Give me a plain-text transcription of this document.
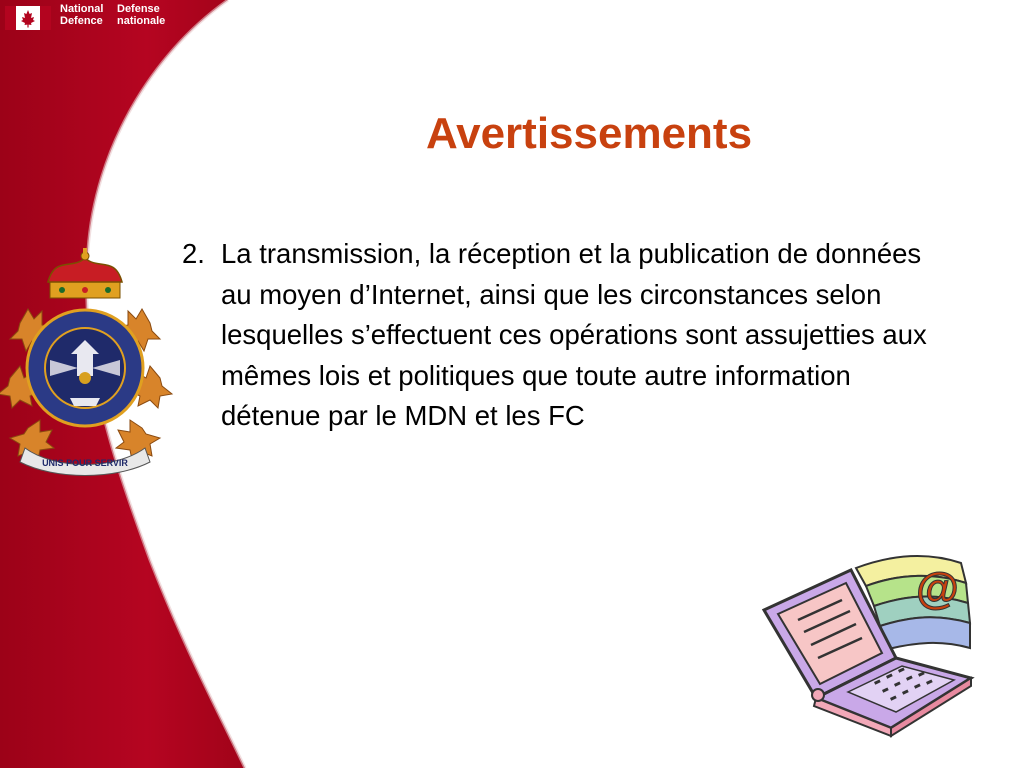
National
Defence
Defense
nationale
UNIS POUR SERVIR
Avertissements
2. La transmission, la réception et la publication de données au moyen d’Internet, ainsi que les circonstances selon lesquelles s’effectuent ces opérations sont assujetties aux mêmes lois et politiques que toute autre information détenue par le MDN et les FC
@
